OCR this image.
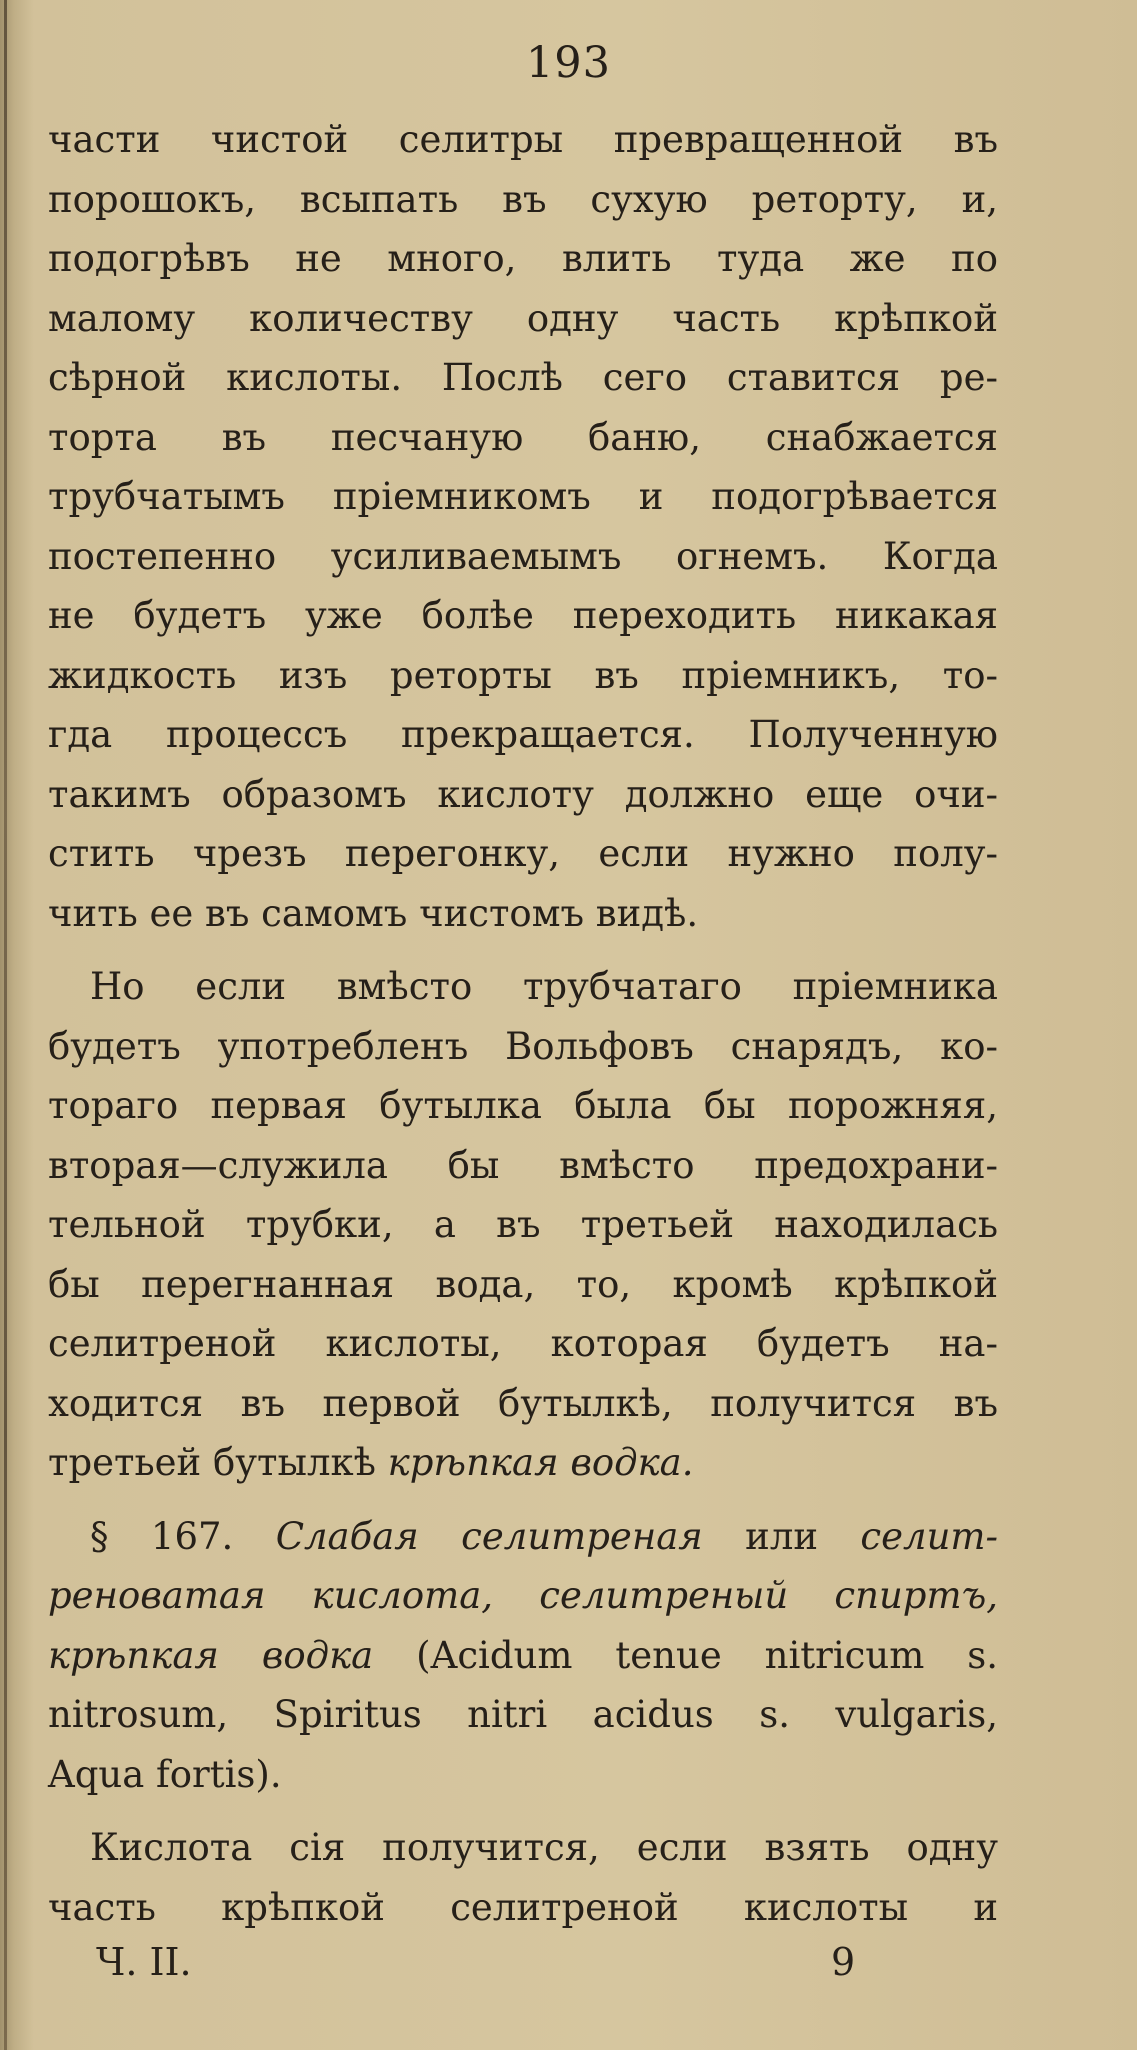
193
части чистой селитры превращенной въ
порошокъ, всыпать въ сухую реторту, и,
подогрѣвъ не много, влить туда же по
малому количеству одну часть крѣпкой
сѣрной кислоты. Послѣ сего ставится ре-
торта въ песчаную баню, снабжается
трубчатымъ пріемникомъ и подогрѣвается
постепенно усиливаемымъ огнемъ. Когда
не будетъ уже болѣе переходить никакая
жидкость изъ реторты въ пріемникъ, то-
гда процессъ прекращается. Полученную
такимъ образомъ кислоту должно еще очи-
стить чрезъ перегонку, если нужно полу-
чить ее въ самомъ чистомъ видѣ.
Но если вмѣсто трубчатаго пріемника
будетъ употребленъ Вольфовъ снарядъ, ко-
тораго первая бутылка была бы порожняя,
вторая—служила бы вмѣсто предохрани-
тельной трубки, а въ третьей находилась
бы перегнанная вода, то, кромѣ крѣпкой
селитреной кислоты, которая будетъ на-
ходится въ первой бутылкѣ, получится въ
третьей бутылкѣ крѣпкая водка.
§ 167. Слабая селитреная или селит-
реноватая кислота, селитреный спиртъ,
крѣпкая водка (Acidum tenue nitricum s.
nitrosum, Spiritus nitri acidus s. vulgaris,
Aqua fortis).
Кислота сія получится, если взять одну
часть крѣпкой селитреной кислоты и
Ч. II.	9
